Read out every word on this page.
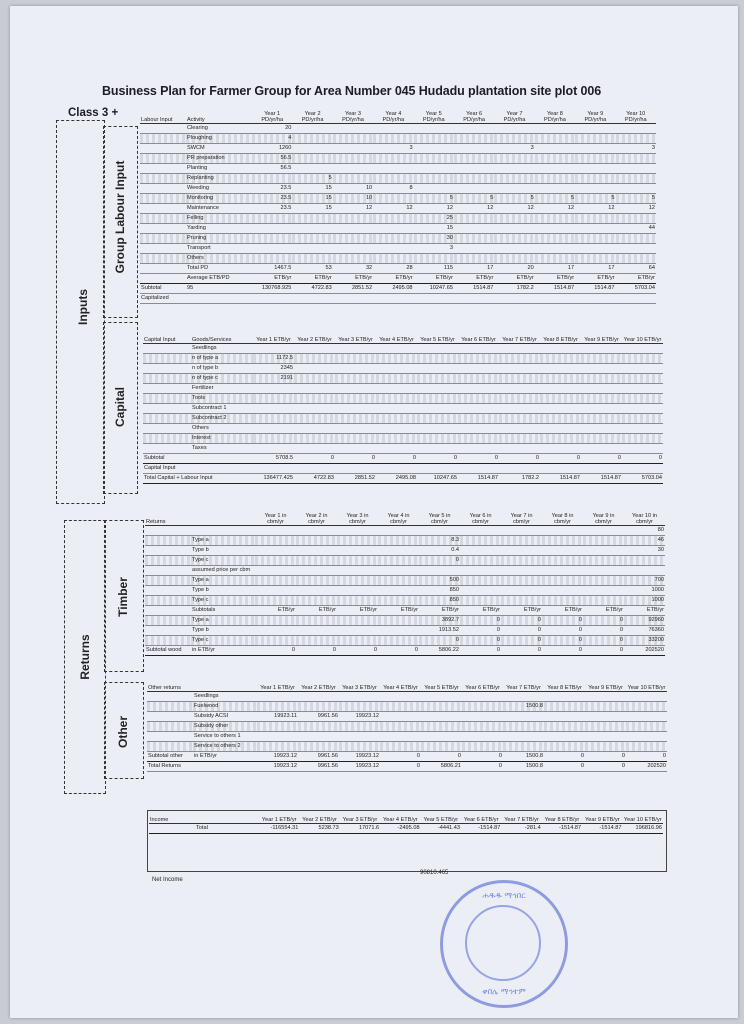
Business Plan for Farmer Group for Area Number 045 Hudadu plantation site plot 006
Class 3 +
Inputs
Group Labour Input
Capital
Returns
Timber
Other
Labour Input	Activity	Year 1 PD/yr/ha	Year 2 PD/yr/ha	Year 3 PD/yr/ha	Year 4 PD/yr/ha	Year 5 PD/yr/ha	Year 6 PD/yr/ha	Year 7 PD/yr/ha	Year 8 PD/yr/ha	Year 9 PD/yr/ha	Year 10 PD/yr/ha
	Clearing	20									
	Ploughing	4									
	SWCM	1260			3			3			3
	PR preparation	56.5									
	Planting	56.5									
	Replanting		5								
	Weeding	23.5	15	10	8						
	Monitoring	23.5	15	10		5	5	5	5	5	5
	Maintenance	23.5	15	12	12	12	12	12	12	12	12
	Felling					25					
	Yarding					15					44
	Pruning					30					
	Transport					3					
	Others										
	Total PD	1467.5	53	32	28	115	17	20	17	17	64
	Average ETB/PD	ETB/yr	ETB/yr	ETB/yr	ETB/yr	ETB/yr	ETB/yr	ETB/yr	ETB/yr	ETB/yr	ETB/yr
Subtotal	95	130768.925	4722.83	2851.52	2495.08	10247.65	1514.87	1782.2	1514.87	1514.87	5703.04
Capitalized											
Capital Input	Goods/Services	Year 1 ETB/yr	Year 2 ETB/yr	Year 3 ETB/yr	Year 4 ETB/yr	Year 5 ETB/yr	Year 6 ETB/yr	Year 7 ETB/yr	Year 8 ETB/yr	Year 9 ETB/yr	Year 10 ETB/yr
	Seedlings										
	n of type a	1172.5									
	n of type b	2345									
	n of type c	2191									
	Fertilizer										
	Tools										
	Subcontract 1										
	Subcontract 2										
	Others										
	Interest										
	Taxes										
Subtotal		5708.5	0	0	0	0	0	0	0	0	0
Capital Input											
Total Capital + Labour Input		136477.425	4722.83	2851.52	2495.08	10247.65	1514.87	1782.2	1514.87	1514.87	5703.04
Returns		Year 1 in cbm/yr	Year 2 in cbm/yr	Year 3 in cbm/yr	Year 4 in cbm/yr	Year 5 in cbm/yr	Year 6 in cbm/yr	Year 7 in cbm/yr	Year 8 in cbm/yr	Year 9 in cbm/yr	Year 10 in cbm/yr
											80
	Type a					8.3					46
	Type b					0.4					30
	Type c					0					
	assumed price per cbm										
	Type a					500					700
	Type b					850					1000
	Type c					850					1000
	Subtotals	ETB/yr	ETB/yr	ETB/yr	ETB/yr	ETB/yr	ETB/yr	ETB/yr	ETB/yr	ETB/yr	ETB/yr
	Type a					3892.7	0	0	0	0	92960
	Type b					1913.52	0	0	0	0	76360
	Type c					0	0	0	0	0	33200
Subtotal wood	in ETB/yr	0	0	0	0	5806.22	0	0	0	0	202520
Other returns		Year 1 ETB/yr	Year 2 ETB/yr	Year 3 ETB/yr	Year 4 ETB/yr	Year 5 ETB/yr	Year 6 ETB/yr	Year 7 ETB/yr	Year 8 ETB/yr	Year 9 ETB/yr	Year 10 ETB/yr
	Seedlings										
	Fuelwood							1500.8			
	Subsidy ACSI	19923.11	9961.56	19923.12							
	Subsidy other										
	Service to others 1										
	Service to others 2										
Subtotal other	in ETB/yr	19923.12	9961.56	19923.12	0	0	0	1500.8	0	0	0
Total Returns		19923.12	9961.56	19923.12	0	5806.21	0	1500.8	0	0	202520
Income		Year 1 ETB/yr	Year 2 ETB/yr	Year 3 ETB/yr	Year 4 ETB/yr	Year 5 ETB/yr	Year 6 ETB/yr	Year 7 ETB/yr	Year 8 ETB/yr	Year 9 ETB/yr	Year 10 ETB/yr
	Total	-116554.31	5238.73	17071.6	-2495.08	-4441.43	-1514.87	-281.4	-1514.87	-1514.87	196816.96
Net Income
90810.465
ሐዱዱ ማኅበር
ቀበሌ ማኅተም
